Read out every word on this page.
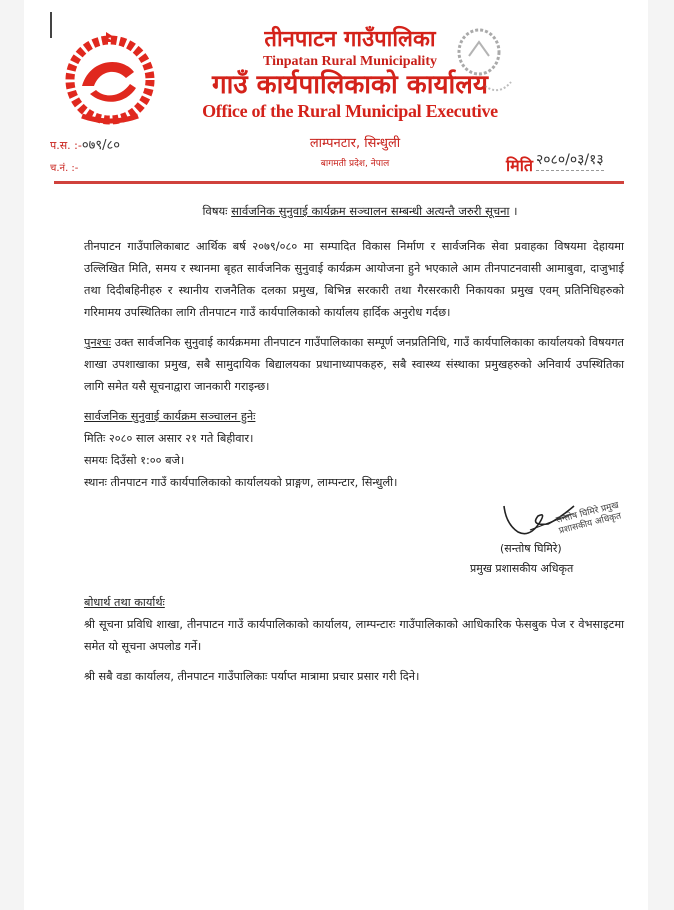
तीनपाटन गाउँपालिका
Tinpatan Rural Municipality
गाउँ कार्यपालिकाको कार्यालय
Office of the Rural Municipal Executive
लाम्पनटार, सिन्धुली
बागमती प्रदेश, नेपाल
प.स. :-०७९/८०
च.नं. :-	मिति २०८०/०३/१३
विषयः सार्वजनिक सुनुवाई कार्यक्रम सञ्चालन सम्बन्धी अत्यन्तै जरुरी सूचना ।

तीनपाटन गाउँपालिकाबाट आर्थिक बर्ष २०७९/०८० मा सम्पादित विकास निर्माण र सार्वजनिक सेवा प्रवाहका विषयमा देहायमा उल्लिखित मिति, समय र स्थानमा बृहत सार्वजनिक सुनुवाई कार्यक्रम आयोजना हुने भएकाले आम तीनपाटनवासी आमाबुवा, दाजुभाई तथा दिदीबहिनीहरु र स्थानीय राजनैतिक दलका प्रमुख, बिभिन्न सरकारी तथा गैरसरकारी निकायका प्रमुख एवम् प्रतिनिधिहरुको गरिमामय उपस्थितिका लागि तीनपाटन गाउँ कार्यपालिकाको कार्यालय हार्दिक अनुरोध गर्दछ।

पुनश्चः उक्त सार्वजनिक सुनुवाई कार्यक्रममा तीनपाटन गाउँपालिकाका सम्पूर्ण जनप्रतिनिधि, गाउँ कार्यपालिकाका कार्यालयको विषयगत शाखा उपशाखाका प्रमुख, सबै सामुदायिक बिद्यालयका प्रधानाध्यापकहरु, सबै स्वास्थ्य संस्थाका प्रमुखहरुको अनिवार्य उपस्थितिका लागि समेत यसै सूचनाद्वारा जानकारी गराइन्छ।

सार्वजनिक सुनुवाई कार्यक्रम सञ्चालन हुनेः

मितिः २०८० साल असार २१ गते बिहीवार।

समयः दिउँसो १:०० बजे।

स्थानः तीनपाटन गाउँ कार्यपालिकाको कार्यालयको प्राङ्गण, लाम्पन्टार, सिन्धुली।

सन्तोष घिमिरे प्रमुख प्रशासकीय अधिकृत
(सन्तोष घिमिरे)
प्रमुख प्रशासकीय अधिकृत

बोधार्थ तथा कार्यार्थः

श्री सूचना प्रविधि शाखा, तीनपाटन गाउँ कार्यपालिकाको कार्यालय, लाम्पन्टारः गाउँपालिकाको आधिकारिक फेसबुक पेज र वेभसाइटमा समेत यो सूचना अपलोड गर्ने।

श्री सबै वडा कार्यालय, तीनपाटन गाउँपालिकाः पर्याप्त मात्रामा प्रचार प्रसार गरी दिने।
